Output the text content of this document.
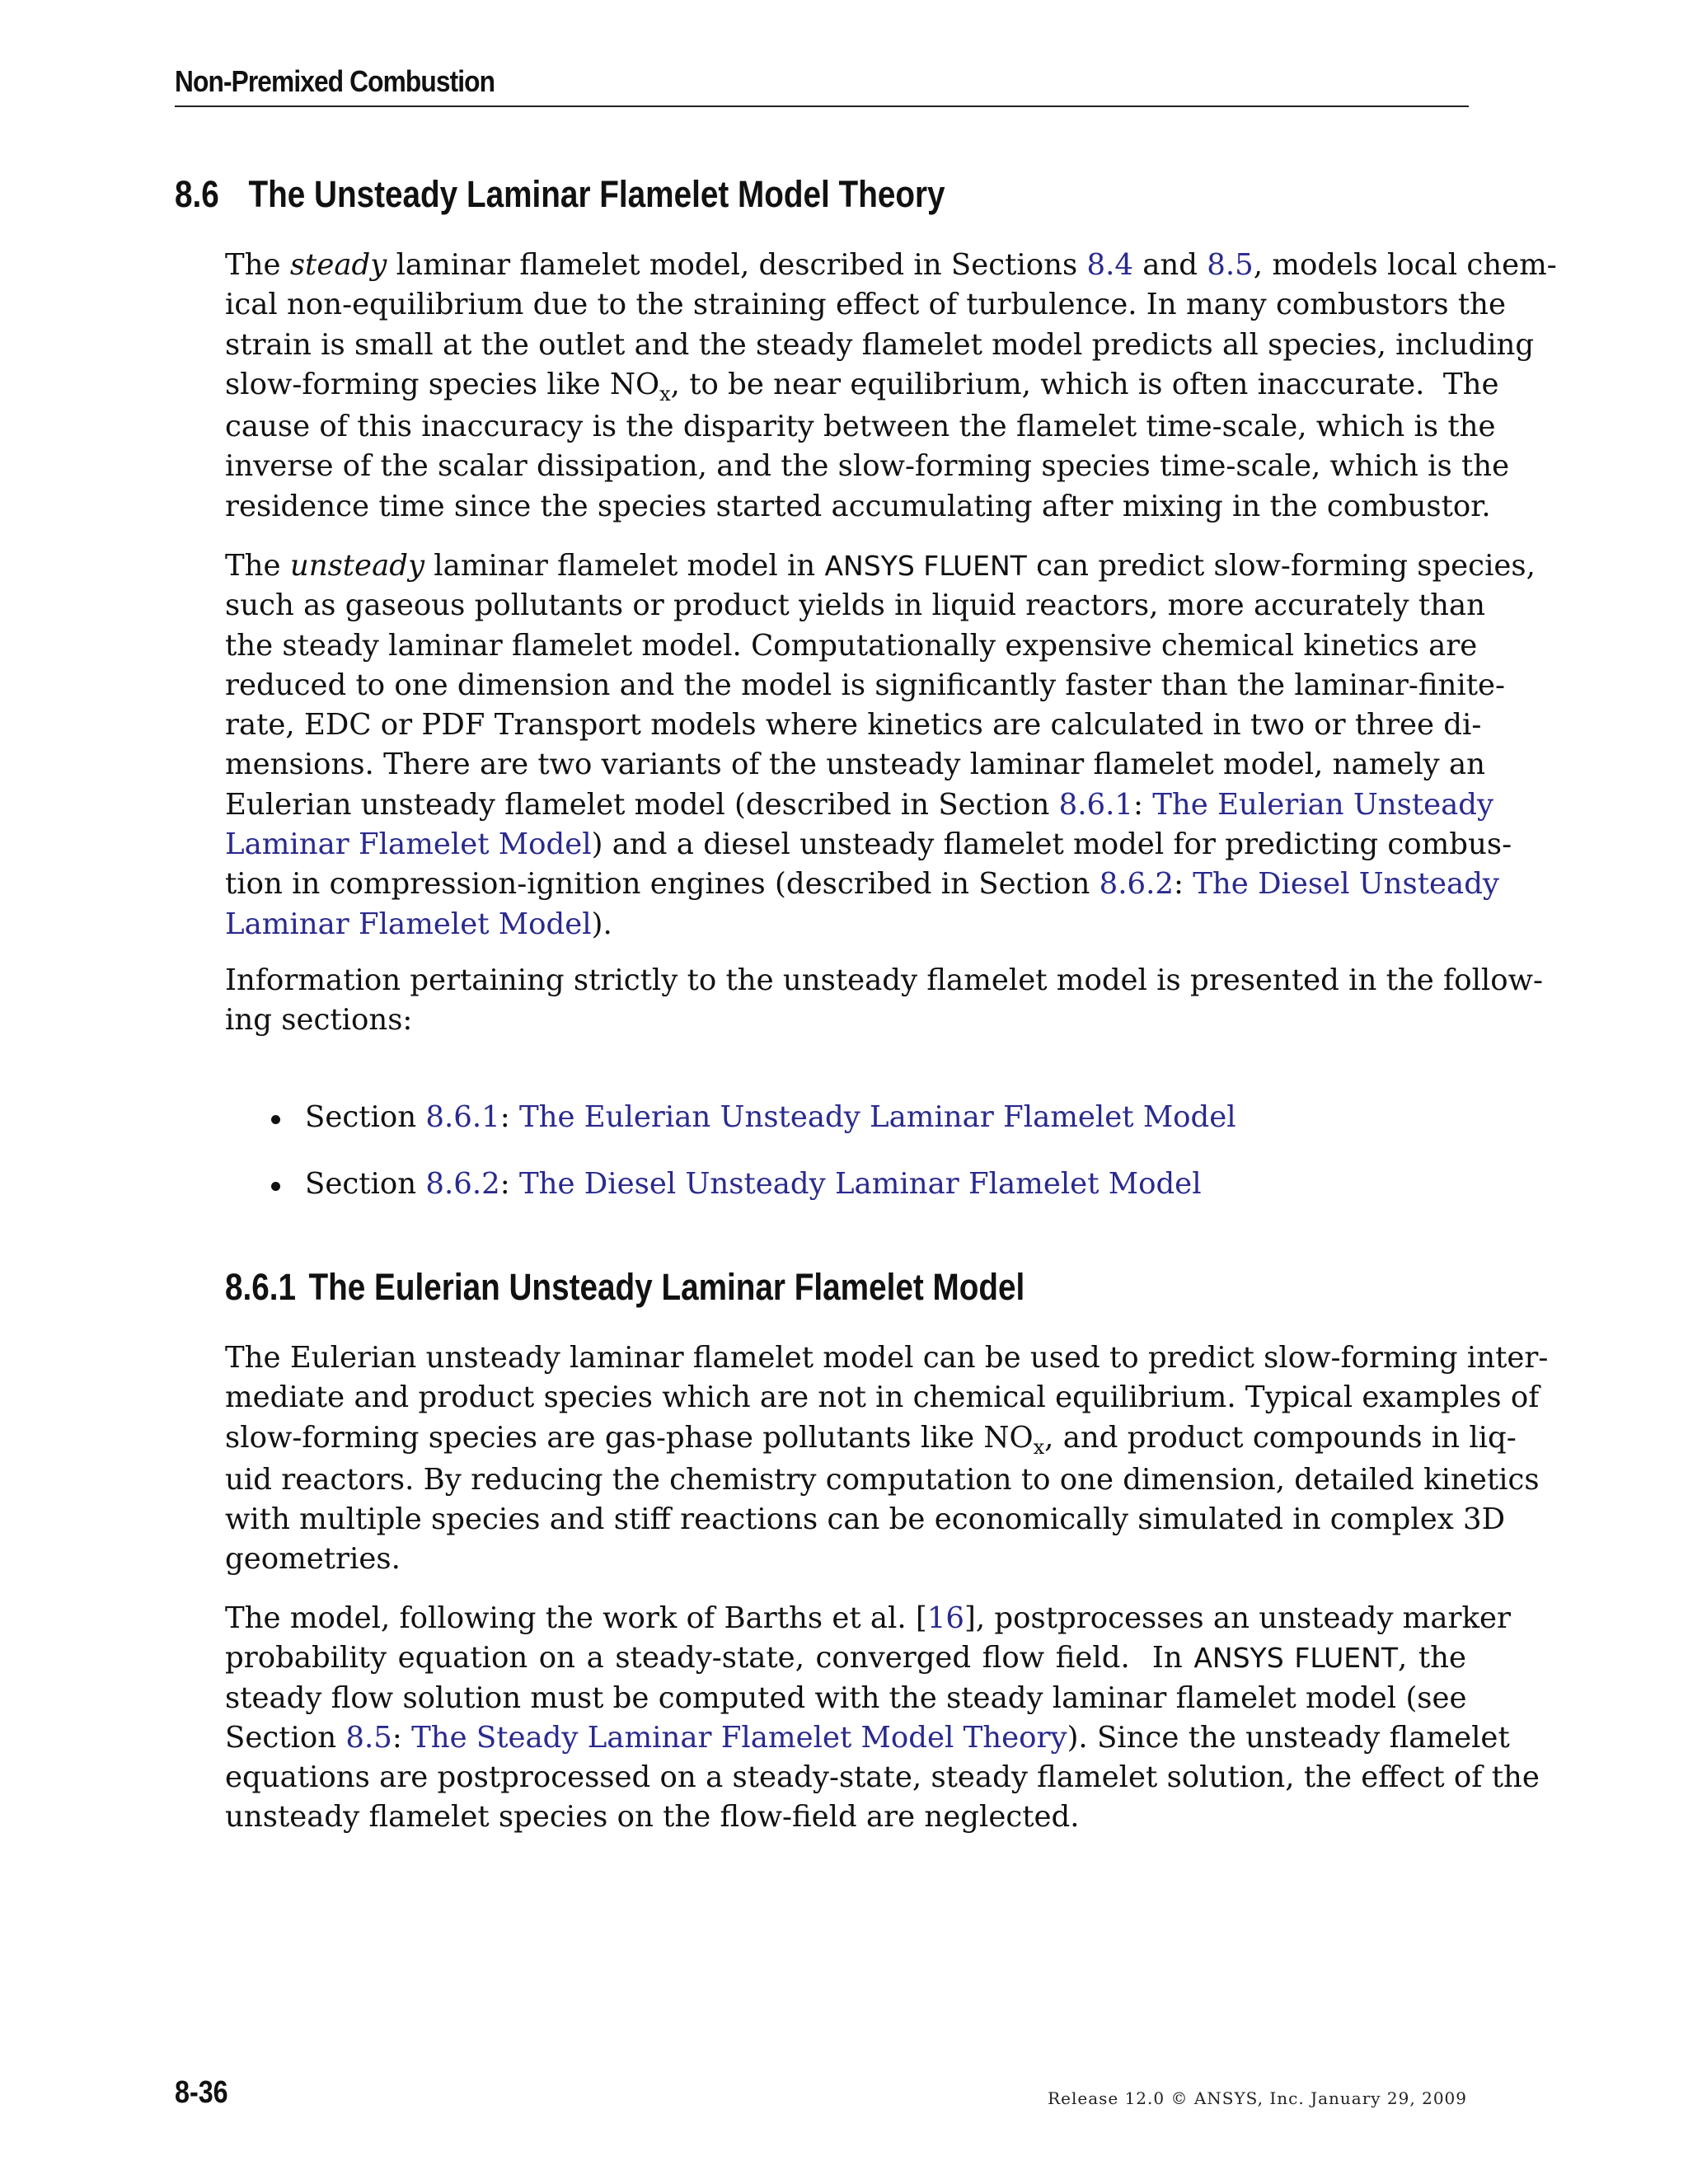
Non-Premixed Combustion
8.6 The Unsteady Laminar Flamelet Model Theory

The steady laminar flamelet model, described in Sections 8.4 and 8.5, models local chem-
ical non-equilibrium due to the straining effect of turbulence. In many combustors the
strain is small at the outlet and the steady flamelet model predicts all species, including
slow-forming species like $NO_x$, to be near equilibrium, which is often inaccurate.  The
cause of this inaccuracy is the disparity between the flamelet time-scale, which is the
inverse of the scalar dissipation, and the slow-forming species time-scale, which is the
residence time since the species started accumulating after mixing in the combustor.

The unsteady laminar flamelet model in ANSYS FLUENT can predict slow-forming species,
such as gaseous pollutants or product yields in liquid reactors, more accurately than
the steady laminar flamelet model. Computationally expensive chemical kinetics are
reduced to one dimension and the model is significantly faster than the laminar-finite-
rate, EDC or PDF Transport models where kinetics are calculated in two or three di-
mensions. There are two variants of the unsteady laminar flamelet model, namely an
Eulerian unsteady flamelet model (described in Section 8.6.1: The Eulerian Unsteady
Laminar Flamelet Model) and a diesel unsteady flamelet model for predicting combus-
tion in compression-ignition engines (described in Section 8.6.2: The Diesel Unsteady
Laminar Flamelet Model).

Information pertaining strictly to the unsteady flamelet model is presented in the follow-
ing sections:

Section 8.6.1: The Eulerian Unsteady Laminar Flamelet Model
Section 8.6.2: The Diesel Unsteady Laminar Flamelet Model
8.6.1 The Eulerian Unsteady Laminar Flamelet Model

The Eulerian unsteady laminar flamelet model can be used to predict slow-forming inter-
mediate and product species which are not in chemical equilibrium. Typical examples of
slow-forming species are gas-phase pollutants like $NO_x$, and product compounds in liq-
uid reactors. By reducing the chemistry computation to one dimension, detailed kinetics
with multiple species and stiff reactions can be economically simulated in complex 3D
geometries.

The model, following the work of Barths et al. [16], postprocesses an unsteady marker
probability equation on a steady-state, converged flow field.  In ANSYS FLUENT, the
steady flow solution must be computed with the steady laminar flamelet model (see
Section 8.5: The Steady Laminar Flamelet Model Theory). Since the unsteady flamelet
equations are postprocessed on a steady-state, steady flamelet solution, the effect of the
unsteady flamelet species on the flow-field are neglected.

8-36	Release 12.0 © ANSYS, Inc. January 29, 2009
